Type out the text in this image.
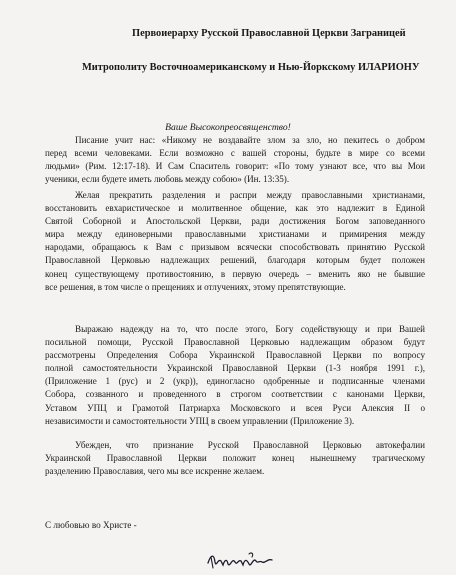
Первоиерарху Русской Православной Церкви Заграницей
Митрополиту Восточноамериканскому и Нью-Йоркскому ИЛАРИОНУ
Ваше Высокопреосвященство!
Писание учит нас: «Никому не воздавайте злом за зло, но пекитесь о добром
перед всеми человеками. Если возможно с вашей стороны, будьте в мире со всеми
людьми» (Рим. 12:17-18). И Сам Спаситель говорит: «По тому узнают все, что вы Мои
ученики, если будете иметь любовь между собою» (Ин. 13:35).
Желая прекратить разделения и распри между православными христианами,
восстановить евхаристическое и молитвенное общение, как это надлежит в Единой
Святой Соборной и Апостольской Церкви, ради достижения Богом заповеданного
мира между единоверными православными христианами и примирения между
народами, обращаюсь к Вам с призывом всячески способствовать принятию Русской
Православной Церковью надлежащих решений, благодаря которым будет положен
конец существующему противостоянию, в первую очередь – вменить яко не бывшие
все решения, в том числе о прещениях и отлучениях, этому препятствующие.
Выражаю надежду на то, что после этого, Богу содействующу и при Вашей
посильной помощи, Русской Православной Церковью надлежащим образом будут
рассмотрены Определения Собора Украинской Православной Церкви по вопросу
полной самостоятельности Украинской Православной Церкви (1-3 ноября 1991 г.),
(Приложение 1 (рус) и 2 (укр)), единогласно одобренные и подписанные членами
Собора, созванного и проведенного в строгом соответствии с канонами Церкви,
Уставом УПЦ и Грамотой Патриарха Московского и всея Руси Алексия II о
независимости и самостоятельности УПЦ в своем управлении (Приложение 3).
Убежден, что признание Русской Православной Церковью автокефалии
Украинской Православной Церкви положит конец нынешнему трагическому
разделению Православия, чего мы все искренне желаем.
С любовью во Христе -
